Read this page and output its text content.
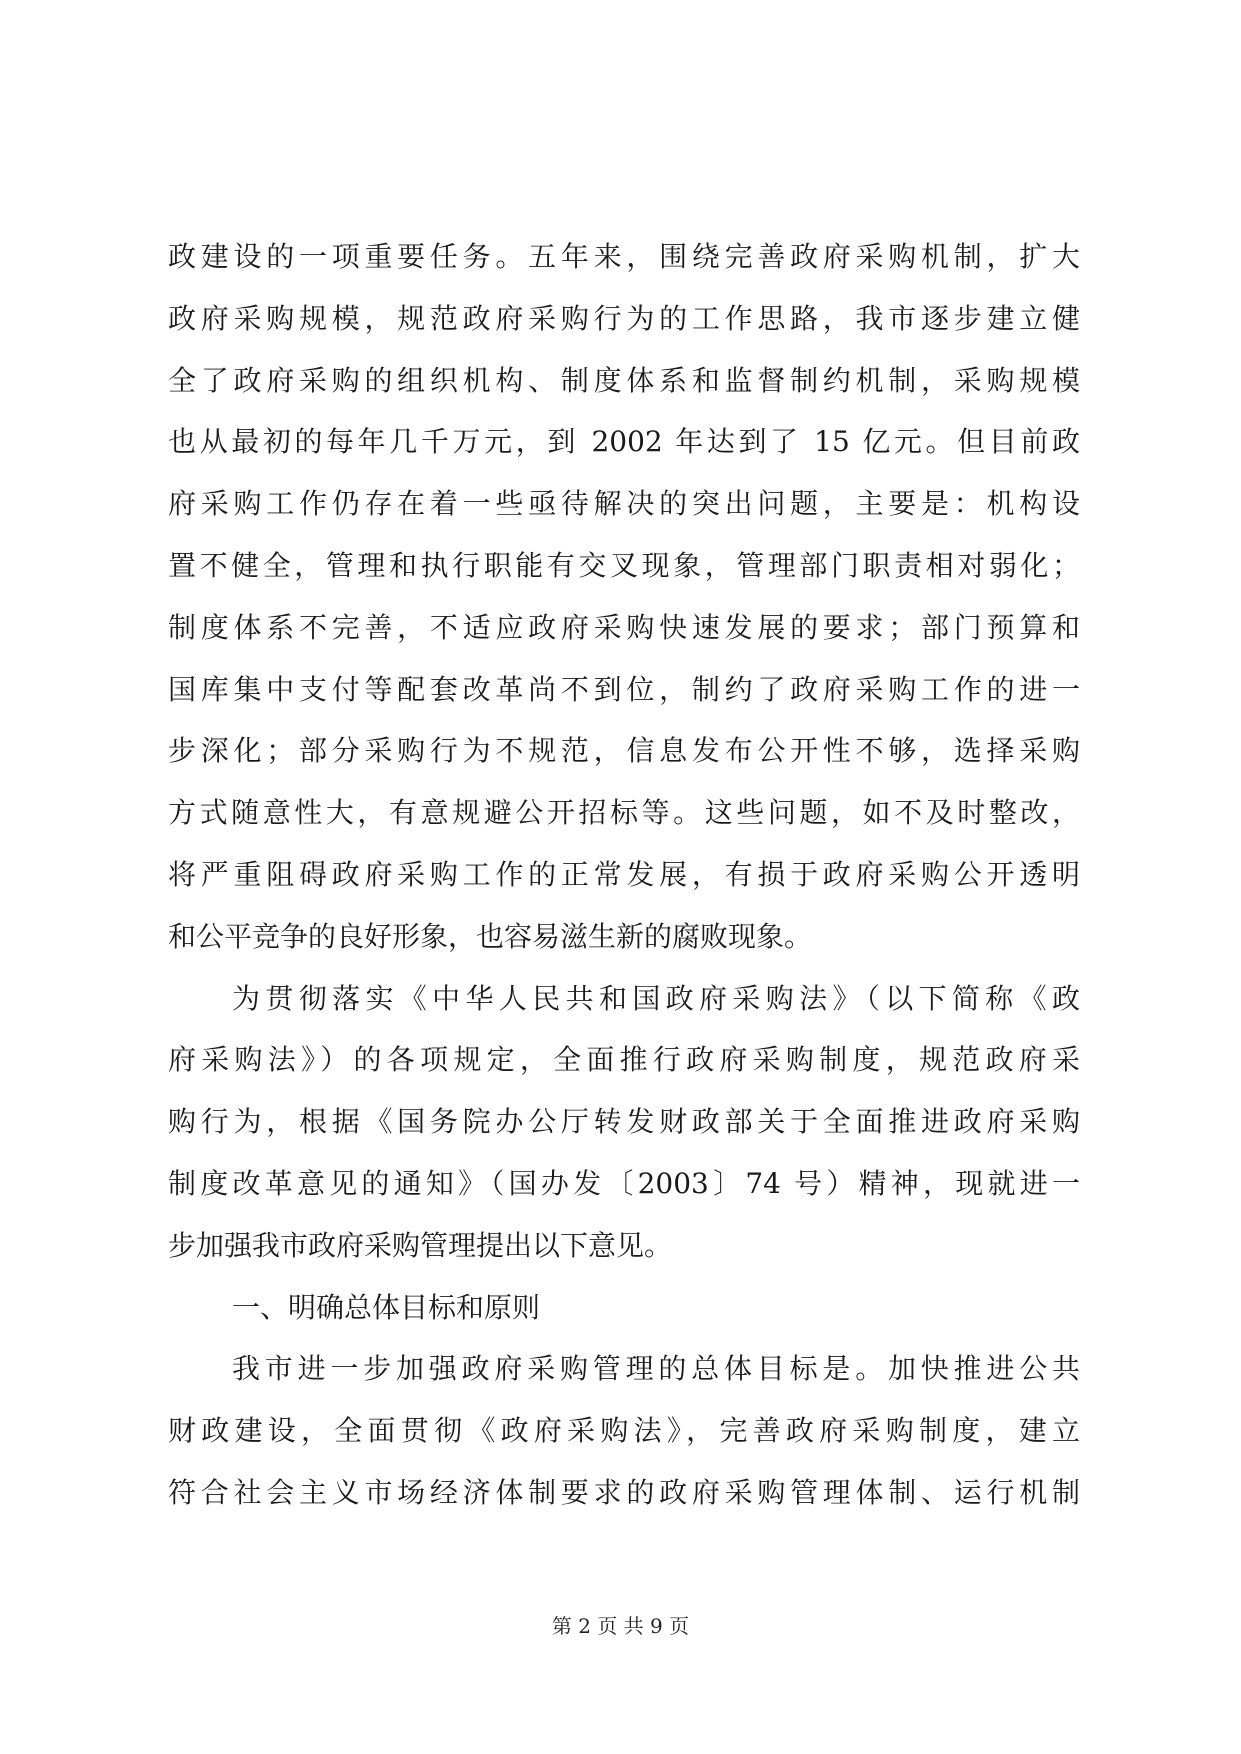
政建设的一项重要任务。五年来，围绕完善政府采购机制，扩大
政府采购规模，规范政府采购行为的工作思路，我市逐步建立健
全了政府采购的组织机构、制度体系和监督制约机制，采购规模
也从最初的每年几千万元，到 2002 年达到了 15 亿元。但目前政
府采购工作仍存在着一些亟待解决的突出问题，主要是：机构设
置不健全，管理和执行职能有交叉现象，管理部门职责相对弱化；
制度体系不完善，不适应政府采购快速发展的要求；部门预算和
国库集中支付等配套改革尚不到位，制约了政府采购工作的进一
步深化；部分采购行为不规范，信息发布公开性不够，选择采购
方式随意性大，有意规避公开招标等。这些问题，如不及时整改，
将严重阻碍政府采购工作的正常发展，有损于政府采购公开透明
和公平竞争的良好形象，也容易滋生新的腐败现象。
为贯彻落实《中华人民共和国政府采购法》（以下简称《政
府采购法》）的各项规定，全面推行政府采购制度，规范政府采
购行为，根据《国务院办公厅转发财政部关于全面推进政府采购
制度改革意见的通知》（国办发〔2003〕74 号）精神，现就进一
步加强我市政府采购管理提出以下意见。
一、明确总体目标和原则
我市进一步加强政府采购管理的总体目标是。加快推进公共
财政建设，全面贯彻《政府采购法》，完善政府采购制度，建立
符合社会主义市场经济体制要求的政府采购管理体制、运行机制
第 2 页 共 9 页
